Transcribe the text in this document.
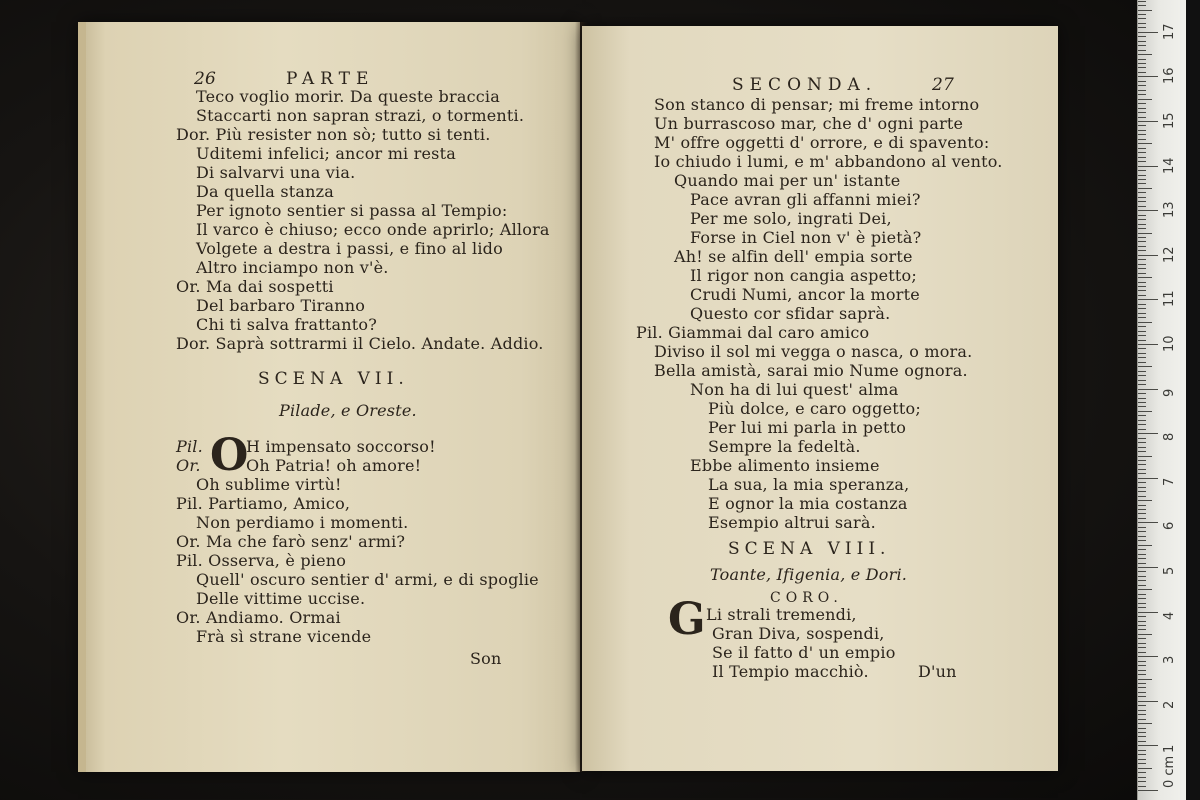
26	PARTE
Teco voglio morir. Da queste braccia
Staccarti non sapran strazi, o tormenti.
Dor. Più resister non sò; tutto si tenti.
Uditemi infelici; ancor mi resta
Di salvarvi una via.
Da quella stanza
Per ignoto sentier si passa al Tempio:
Il varco è chiuso; ecco onde aprirlo; Allora
Volgete a destra i passi, e fino al lido
Altro inciampo non v'è.
Or. Ma dai sospetti
Del barbaro Tiranno
Chi ti salva frattanto?
Dor. Saprà sottrarmi il Cielo. Andate. Addio.
SCENA VII.
Pilade, e Oreste.
Pil. O
H impensato soccorso!
Or.	Oh Patria! oh amore!
Oh sublime virtù!
Pil. Partiamo, Amico,
Non perdiamo i momenti.
Or. Ma che farò senz' armi?
Pil. Osserva, è pieno
Quell' oscuro sentier d' armi, e di spoglie
Delle vittime uccise.
Or. Andiamo. Ormai
Frà sì strane vicende
Son
SECONDA.	27
Son stanco di pensar; mi freme intorno
Un burrascoso mar, che d' ogni parte
M' offre oggetti d' orrore, e di spavento:
Io chiudo i lumi, e m' abbandono al vento.
Quando mai per un' istante
Pace avran gli affanni miei?
Per me solo, ingrati Dei,
Forse in Ciel non v' è pietà?
Ah! se alfin dell' empia sorte
Il rigor non cangia aspetto;
Crudi Numi, ancor la morte
Questo cor sfidar saprà.
Pil. Giammai dal caro amico
Diviso il sol mi vegga o nasca, o mora.
Bella amistà, sarai mio Nume ognora.
Non ha di lui quest' alma
Più dolce, e caro oggetto;
Per lui mi parla in petto
Sempre la fedeltà.
Ebbe alimento insieme
La sua, la mia speranza,
E ognor la mia costanza
Esempio altrui sarà.
SCENA VIII.
Toante, Ifigenia, e Dori.
CORO.
G Li strali tremendi,
Gran Diva, sospendi,
Se il fatto d' un empio
Il Tempio macchiò.	D'un
0 cm
1
2
3
4
5
6
7
8
9
10
11
12
13
14
15
16
17
